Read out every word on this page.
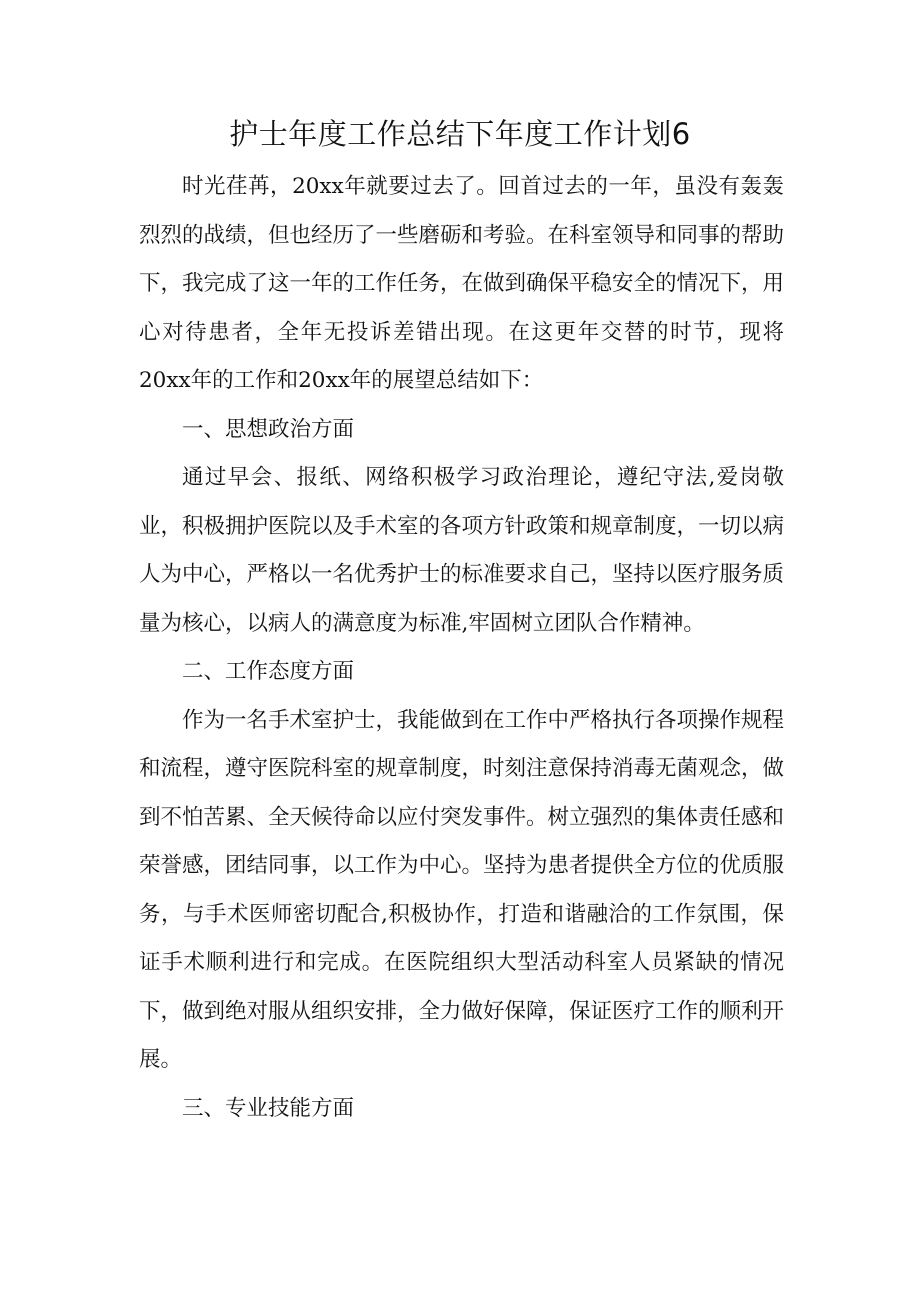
护士年度工作总结下年度工作计划6

时光荏苒，20xx年就要过去了。回首过去的一年，虽没有轰轰烈烈的战绩，但也经历了一些磨砺和考验。在科室领导和同事的帮助下，我完成了这一年的工作任务，在做到确保平稳安全的情况下，用心对待患者，全年无投诉差错出现。在这更年交替的时节，现将20xx年的工作和20xx年的展望总结如下：

一、思想政治方面

通过早会、报纸、网络积极学习政治理论，遵纪守法,爱岗敬业，积极拥护医院以及手术室的各项方针政策和规章制度，一切以病人为中心，严格以一名优秀护士的标准要求自己，坚持以医疗服务质量为核心，以病人的满意度为标准,牢固树立团队合作精神。

二、工作态度方面

作为一名手术室护士，我能做到在工作中严格执行各项操作规程和流程，遵守医院科室的规章制度，时刻注意保持消毒无菌观念，做到不怕苦累、全天候待命以应付突发事件。树立强烈的集体责任感和荣誉感，团结同事，以工作为中心。坚持为患者提供全方位的优质服务，与手术医师密切配合,积极协作，打造和谐融洽的工作氛围，保证手术顺利进行和完成。在医院组织大型活动科室人员紧缺的情况下，做到绝对服从组织安排，全力做好保障，保证医疗工作的顺利开展。

三、专业技能方面
